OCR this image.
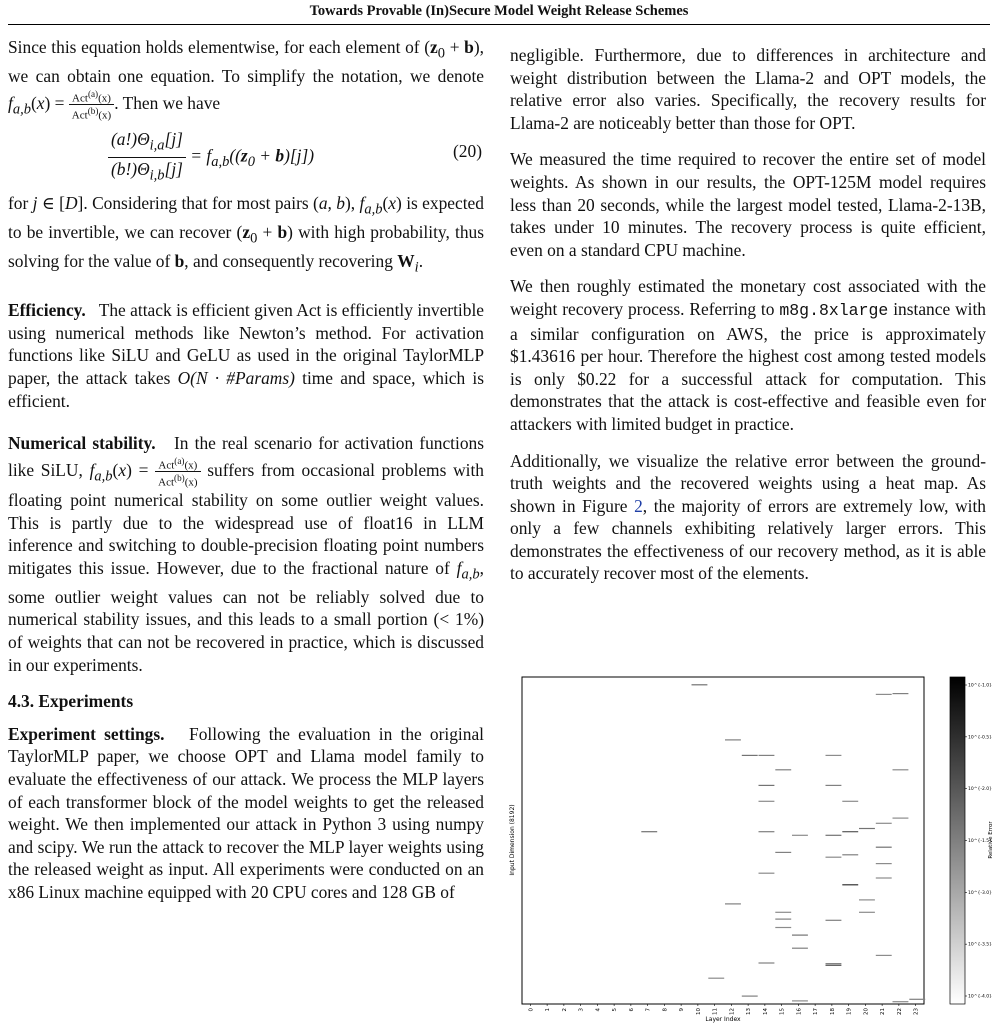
Towards Provable (In)Secure Model Weight Release Schemes

Since this equation holds elementwise, for each element of $(z_0 + b)$, we can obtain one equation. To simplify the notation, we denote $f_{a,b}(x) = \frac{Act^{(a)}(x)}{Act^{(b)}(x)}$ . Then we have

$\frac{(a!)\Theta_{i,a}[j]}{(b!)\Theta_{i,b}[j]} = f_{a,b}((z_0 + b)[j])$	(20)

for j ∈ [D]. Considering that for most pairs (a, b), $f_{a,b}(x)$ is expected to be invertible, we can recover $(z_0 + b)$ with high probability, thus solving for the value of b, and consequently recovering $W_i$.

Efficiency. The attack is efficient given Act is efficiently invertible using numerical methods like Newton’s method. For activation functions like SiLU and GeLU as used in the original TaylorMLP paper, the attack takes O(N · #Params) time and space, which is efficient.

Numerical stability. In the real scenario for activation functions like SiLU, $f_{a,b}(x) = \frac{Act^{(a)}(x)}{Act^{(b)}(x)}$ suffers from occasional problems with floating point numerical stability on some outlier weight values. This is partly due to the widespread use of float16 in LLM inference and switching to double-precision floating point numbers mitigates this issue. However, due to the fractional nature of $f_{a,b}$, some outlier weight values can not be reliably solved due to numerical stability issues, and this leads to a small portion (< 1%) of weights that can not be recovered in practice, which is discussed in our experiments.

4.3. Experiments

Experiment settings. Following the evaluation in the original TaylorMLP paper, we choose OPT and Llama model family to evaluate the effectiveness of our attack. We process the MLP layers of each transformer block of the model weights to get the released weight. We then implemented our attack in Python 3 using numpy and scipy. We run the attack to recover the MLP layer weights using the released weight as input. All experiments were conducted on an x86 Linux machine equipped with 20 CPU cores and 128 GB of

negligible. Furthermore, due to differences in architecture and weight distribution between the Llama-2 and OPT models, the relative error also varies. Specifically, the recovery results for Llama-2 are noticeably better than those for OPT.

We measured the time required to recover the entire set of model weights. As shown in our results, the OPT-125M model requires less than 20 seconds, while the largest model tested, Llama-2-13B, takes under 10 minutes. The recovery process is quite efficient, even on a standard CPU machine.

We then roughly estimated the monetary cost associated with the weight recovery process. Referring to m8g.8xlarge instance with a similar configuration on AWS, the price is approximately $1.43616 per hour. Therefore the highest cost among tested models is only $0.22 for a successful attack for computation. This demonstrates that the attack is cost-effective and feasible even for attackers with limited budget in practice.

Additionally, we visualize the relative error between the ground-truth weights and the recovered weights using a heat map. As shown in Figure 2, the majority of errors are extremely low, with only a few channels exhibiting relatively larger errors. This demonstrates the effectiveness of our recovery method, as it is able to accurately recover most of the elements.

0 1 2 3 4 5 6 7 8 9 10 11 12 13 14 15 16 17 18 19 20 21 22 23
Layer Index
Input Dimension (8192)
10^{-1.0}
10^{-0.5}
10^{-2.0}
10^{-1.5}
10^{-3.0}
10^{-3.5}
10^{-4.0}
Relative Error
